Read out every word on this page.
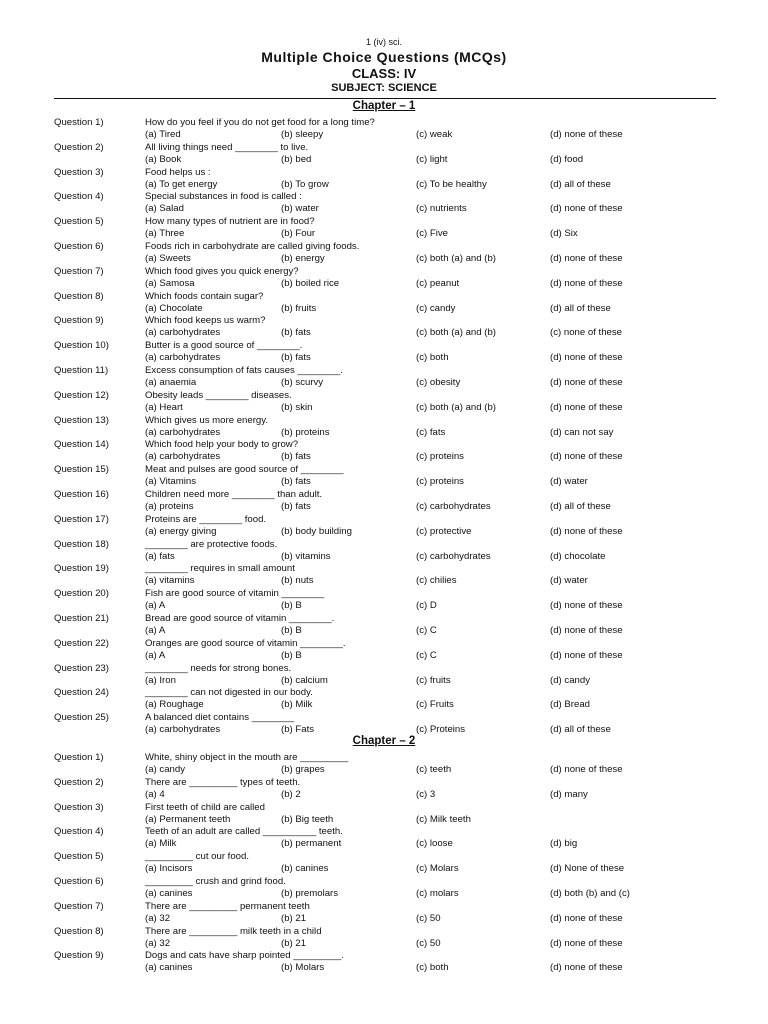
1 (iv) sci.
Multiple Choice Questions (MCQs)
CLASS: IV
SUBJECT: SCIENCE
Chapter – 1
Question 1)	How do you feel if you do not get food for a long time?
(a) Tired	(b) sleepy	(c) weak	(d) none of these
Question 2)	All living things need ________ to live.
(a) Book	(b) bed	(c) light	(d) food
Question 3)	Food helps us :
(a) To get energy	(b) To grow	(c) To be healthy	(d) all of these
Question 4)	Special substances in food is called :
(a) Salad	(b) water	(c) nutrients	(d) none of these
Question 5)	How many types of nutrient are in food?
(a) Three	(b) Four	(c) Five	(d) Six
Question 6)	Foods rich in carbohydrate are called giving foods.
(a) Sweets	(b) energy	(c) both (a) and (b)	(d) none of these
Question 7)	Which food gives you quick energy?
(a) Samosa	(b) boiled rice	(c) peanut	(d) none of these
Question 8)	Which foods contain sugar?
(a) Chocolate	(b) fruits	(c) candy	(d) all of these
Question 9)	Which food keeps us warm?
(a) carbohydrates	(b) fats	(c) both (a) and (b)	(c) none of these
Question 10)	Butter is a good source of ________.
(a) carbohydrates	(b) fats	(c) both	(d) none of these
Question 11)	Excess consumption of fats causes ________.
(a) anaemia	(b) scurvy	(c) obesity	(d) none of these
Question 12)	Obesity leads ________ diseases.
(a) Heart	(b) skin	(c) both (a) and (b)	(d) none of these
Question 13)	Which gives us more energy.
(a) carbohydrates	(b) proteins	(c) fats	(d) can not say
Question 14)	Which food help your body to grow?
(a) carbohydrates	(b) fats	(c) proteins	(d) none of these
Question 15)	Meat and pulses are good source of ________
(a) Vitamins	(b) fats	(c) proteins	(d) water
Question 16)	Children need more ________ than adult.
(a) proteins	(b) fats	(c) carbohydrates	(d) all of these
Question 17)	Proteins are ________ food.
(a) energy giving	(b) body building	(c) protective	(d) none of these
Question 18)	________ are protective foods.
(a) fats	(b) vitamins	(c) carbohydrates	(d) chocolate
Question 19)	________ requires in small amount
(a) vitamins	(b) nuts	(c) chilies	(d) water
Question 20)	Fish are good source of vitamin ________
(a) A	(b) B	(c) D	(d) none of these
Question 21)	Bread are good source of vitamin ________.
(a) A	(b) B	(c) C	(d) none of these
Question 22)	Oranges are good source of vitamin ________.
(a) A	(b) B	(c) C	(d) none of these
Question 23)	________ needs for strong bones.
(a) Iron	(b) calcium	(c) fruits	(d) candy
Question 24)	________ can not digested in our body.
(a) Roughage	(b) Milk	(c) Fruits	(d) Bread
Question 25)	A balanced diet contains ________
(a) carbohydrates	(b) Fats	(c) Proteins	(d) all of these
Chapter – 2
Question 1)	White, shiny object in the mouth are _________
(a) candy	(b) grapes	(c) teeth	(d) none of these
Question 2)	There are _________ types of teeth.
(a) 4	(b) 2	(c) 3	(d) many
Question 3)	First teeth of child are called
(a) Permanent teeth	(b) Big teeth	(c) Milk teeth
Question 4)	Teeth of an adult are called __________ teeth.
(a) Milk	(b) permanent	(c) loose	(d) big
Question 5)	_________ cut our food.
(a) Incisors	(b) canines	(c) Molars	(d) None of these
Question 6)	_________ crush and grind food.
(a) canines	(b) premolars	(c) molars	(d) both (b) and (c)
Question 7)	There are _________ permanent teeth
(a) 32	(b) 21	(c) 50	(d) none of these
Question 8)	There are _________ milk teeth in a child
(a) 32	(b) 21	(c) 50	(d) none of these
Question 9)	Dogs and cats have sharp pointed _________.
(a) canines	(b) Molars	(c) both	(d) none of these
